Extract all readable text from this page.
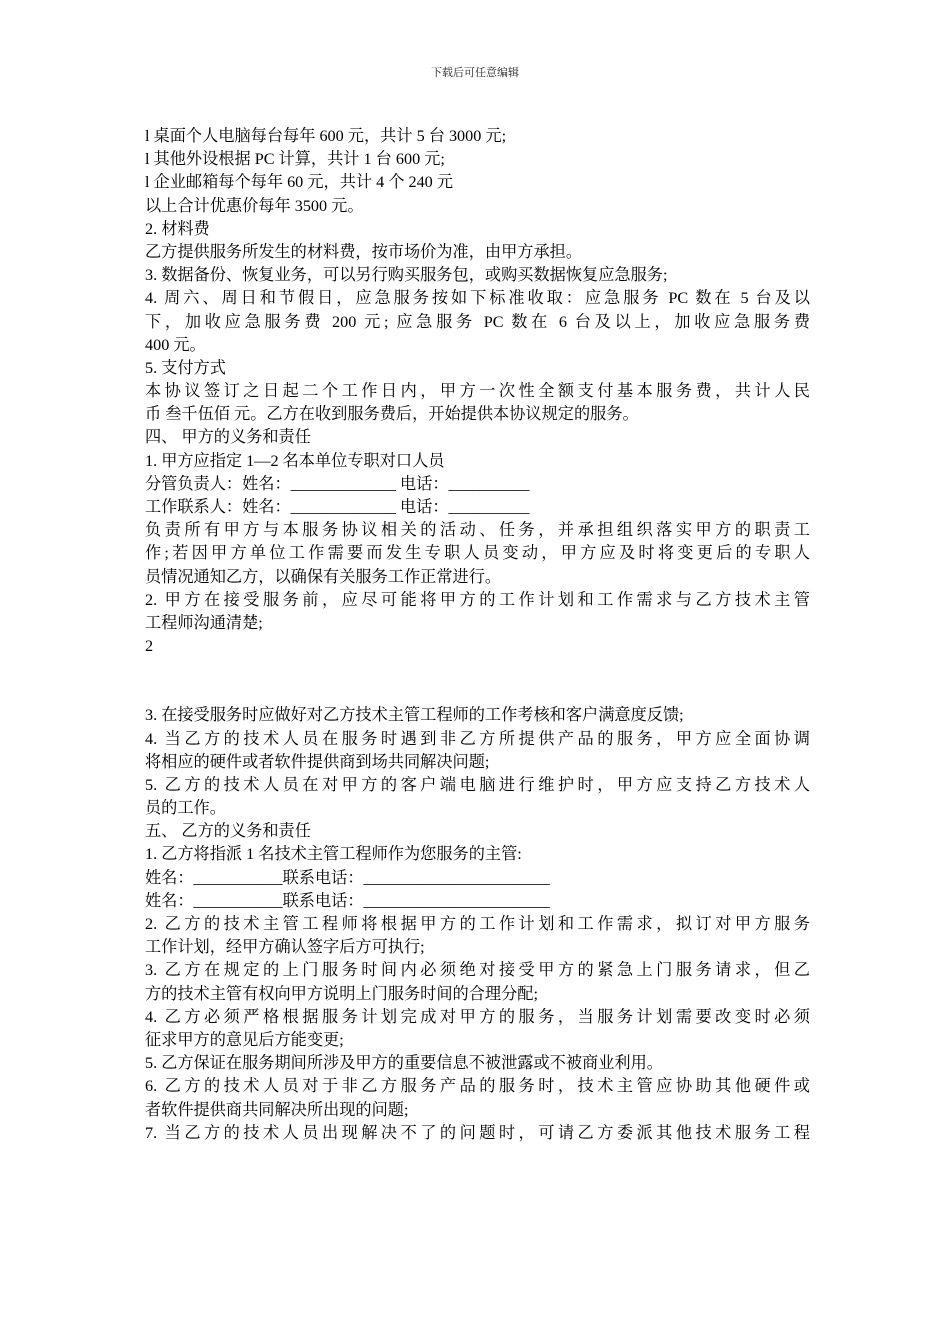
下载后可任意编辑
l 桌面个人电脑每台每年 600 元，共计 5 台 3000 元;
l 其他外设根据 PC 计算，共计 1 台 600 元;
l 企业邮箱每个每年 60 元，共计 4 个 240 元
以上合计优惠价每年 3500 元。
2. 材料费
乙方提供服务所发生的材料费，按市场价为准，由甲方承担。
3. 数据备份、恢复业务，可以另行购买服务包，或购买数据恢复应急服务;
4. 周六、周日和节假日，应急服务按如下标准收取：应急服务 PC 数在 5 台及以
下，加收应急服务费 200 元; 应急服务 PC 数在 6 台及以上，加收应急服务费
400 元。
5. 支付方式
本协议签订之日起二个工作日内，甲方一次性全额支付基本服务费，共计人民
币 叁千伍佰 元。乙方在收到服务费后，开始提供本协议规定的服务。
四、 甲方的义务和责任
1. 甲方应指定 1—2 名本单位专职对口人员
分管负责人：姓名：_____________ 电话：__________
工作联系人：姓名：_____________ 电话：__________
负责所有甲方与本服务协议相关的活动、任务，并承担组织落实甲方的职责工
作;若因甲方单位工作需要而发生专职人员变动，甲方应及时将变更后的专职人
员情况通知乙方，以确保有关服务工作正常进行。
2. 甲方在接受服务前，应尽可能将甲方的工作计划和工作需求与乙方技术主管
工程师沟通清楚;
2
3. 在接受服务时应做好对乙方技术主管工程师的工作考核和客户满意度反馈;
4. 当乙方的技术人员在服务时遇到非乙方所提供产品的服务，甲方应全面协调
将相应的硬件或者软件提供商到场共同解决问题;
5. 乙方的技术人员在对甲方的客户端电脑进行维护时，甲方应支持乙方技术人
员的工作。
五、 乙方的义务和责任
1. 乙方将指派 1 名技术主管工程师作为您服务的主管:
姓名：___________联系电话：_______________________
姓名：___________联系电话：_______________________
2. 乙方的技术主管工程师将根据甲方的工作计划和工作需求，拟订对甲方服务
工作计划，经甲方确认签字后方可执行;
3. 乙方在规定的上门服务时间内必须绝对接受甲方的紧急上门服务请求，但乙
方的技术主管有权向甲方说明上门服务时间的合理分配;
4. 乙方必须严格根据服务计划完成对甲方的服务，当服务计划需要改变时必须
征求甲方的意见后方能变更;
5. 乙方保证在服务期间所涉及甲方的重要信息不被泄露或不被商业利用。
6. 乙方的技术人员对于非乙方服务产品的服务时，技术主管应协助其他硬件或
者软件提供商共同解决所出现的问题;
7. 当乙方的技术人员出现解决不了的问题时，可请乙方委派其他技术服务工程
